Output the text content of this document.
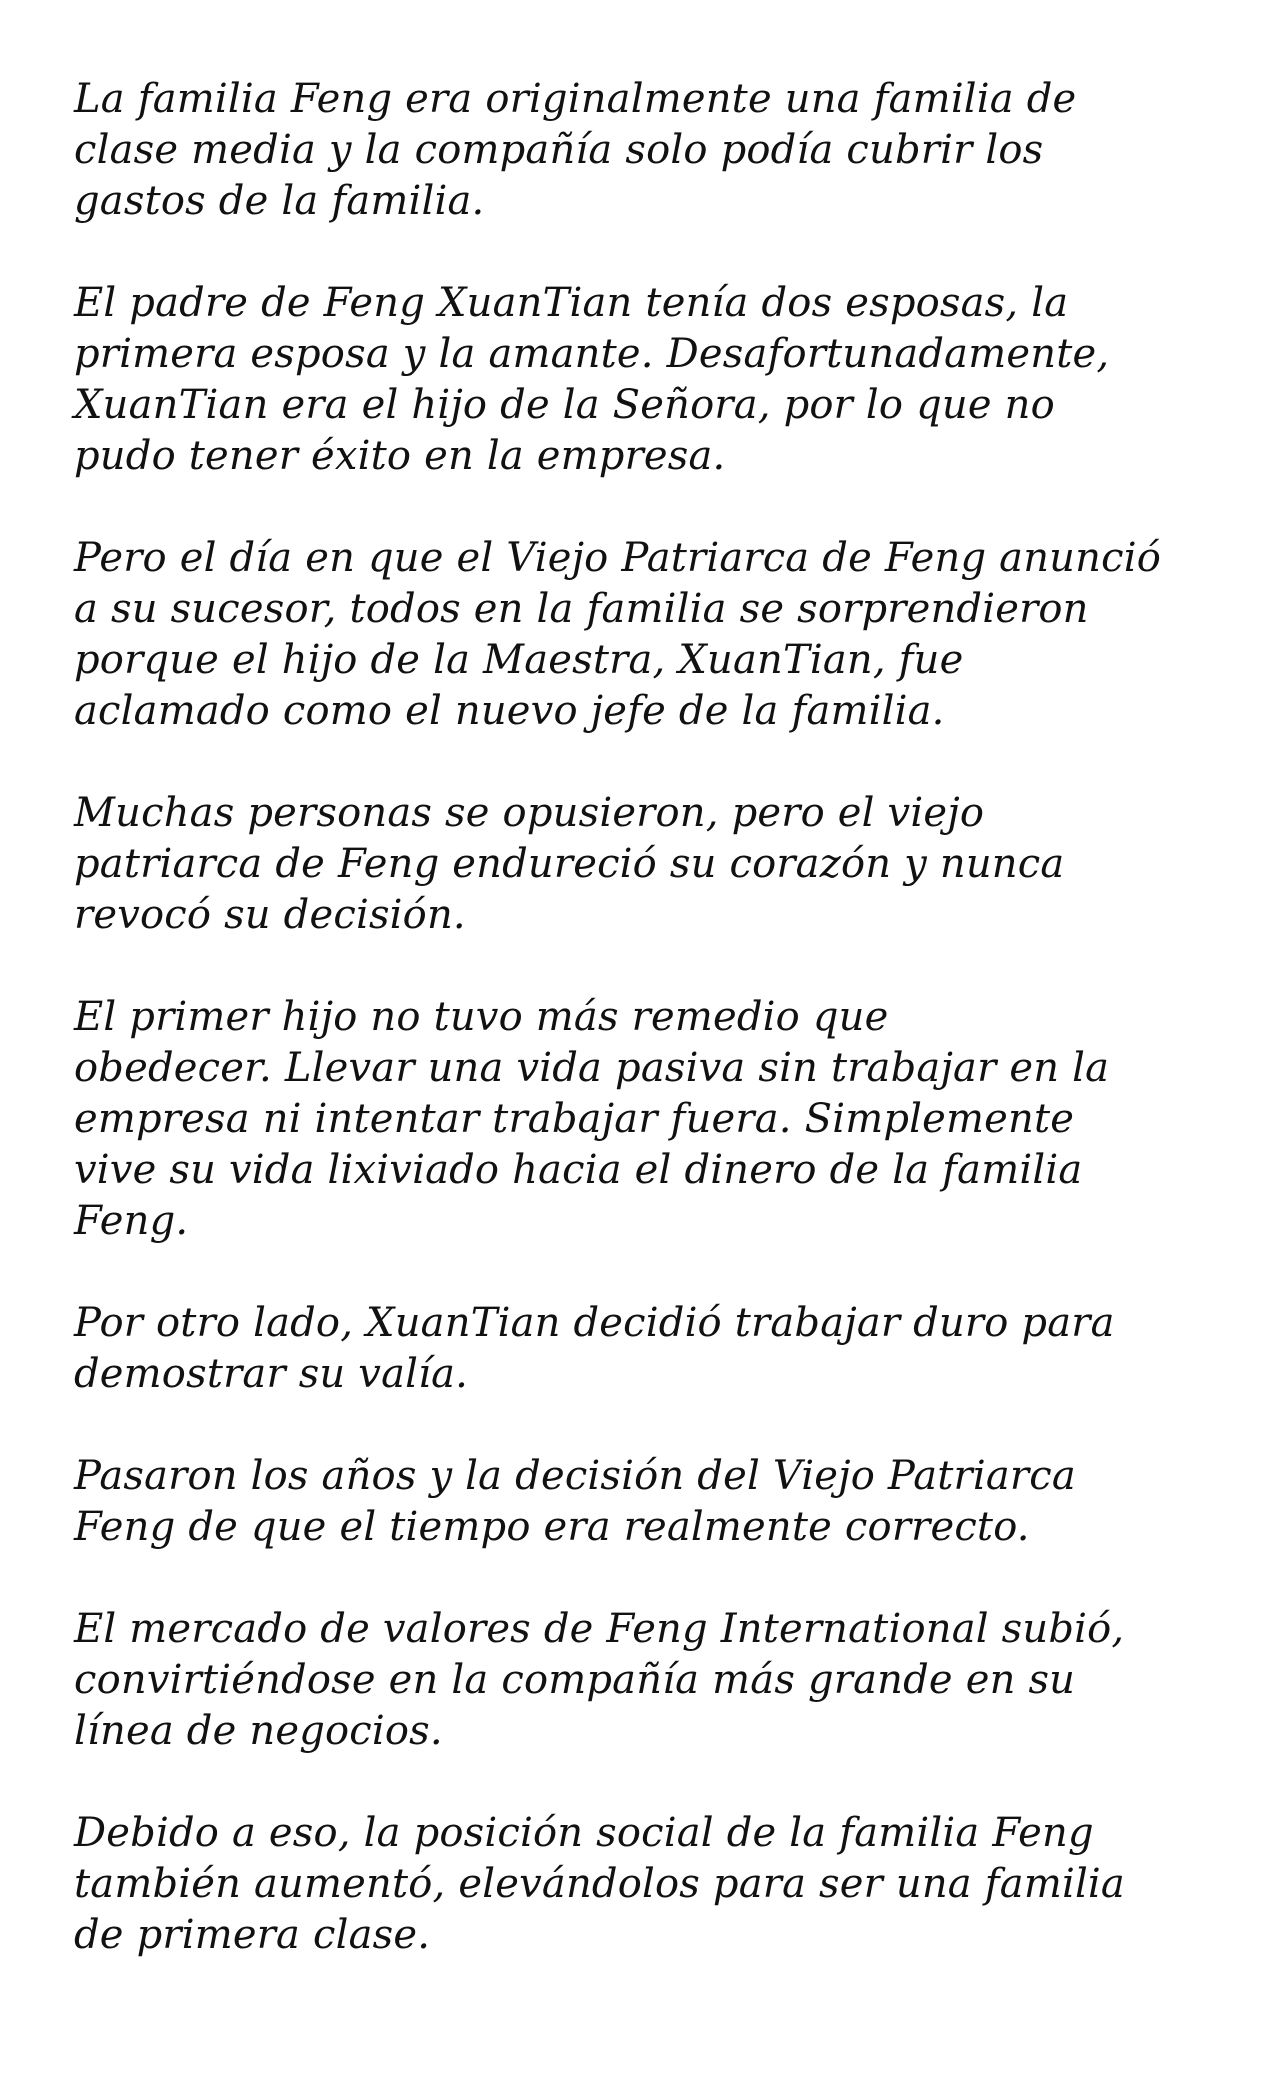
La familia Feng era originalmente una familia de
clase media y la compañía solo podía cubrir los
gastos de la familia.

El padre de Feng XuanTian tenía dos esposas, la
primera esposa y la amante. Desafortunadamente,
XuanTian era el hijo de la Señora, por lo que no
pudo tener éxito en la empresa.

Pero el día en que el Viejo Patriarca de Feng anunció
a su sucesor, todos en la familia se sorprendieron
porque el hijo de la Maestra, XuanTian, fue
aclamado como el nuevo jefe de la familia.

Muchas personas se opusieron, pero el viejo
patriarca de Feng endureció su corazón y nunca
revocó su decisión.

El primer hijo no tuvo más remedio que
obedecer. Llevar una vida pasiva sin trabajar en la
empresa ni intentar trabajar fuera. Simplemente
vive su vida lixiviado hacia el dinero de la familia
Feng.

Por otro lado, XuanTian decidió trabajar duro para
demostrar su valía.

Pasaron los años y la decisión del Viejo Patriarca
Feng de que el tiempo era realmente correcto.

El mercado de valores de Feng International subió,
convirtiéndose en la compañía más grande en su
línea de negocios.

Debido a eso, la posición social de la familia Feng
también aumentó, elevándolos para ser una familia
de primera clase.
